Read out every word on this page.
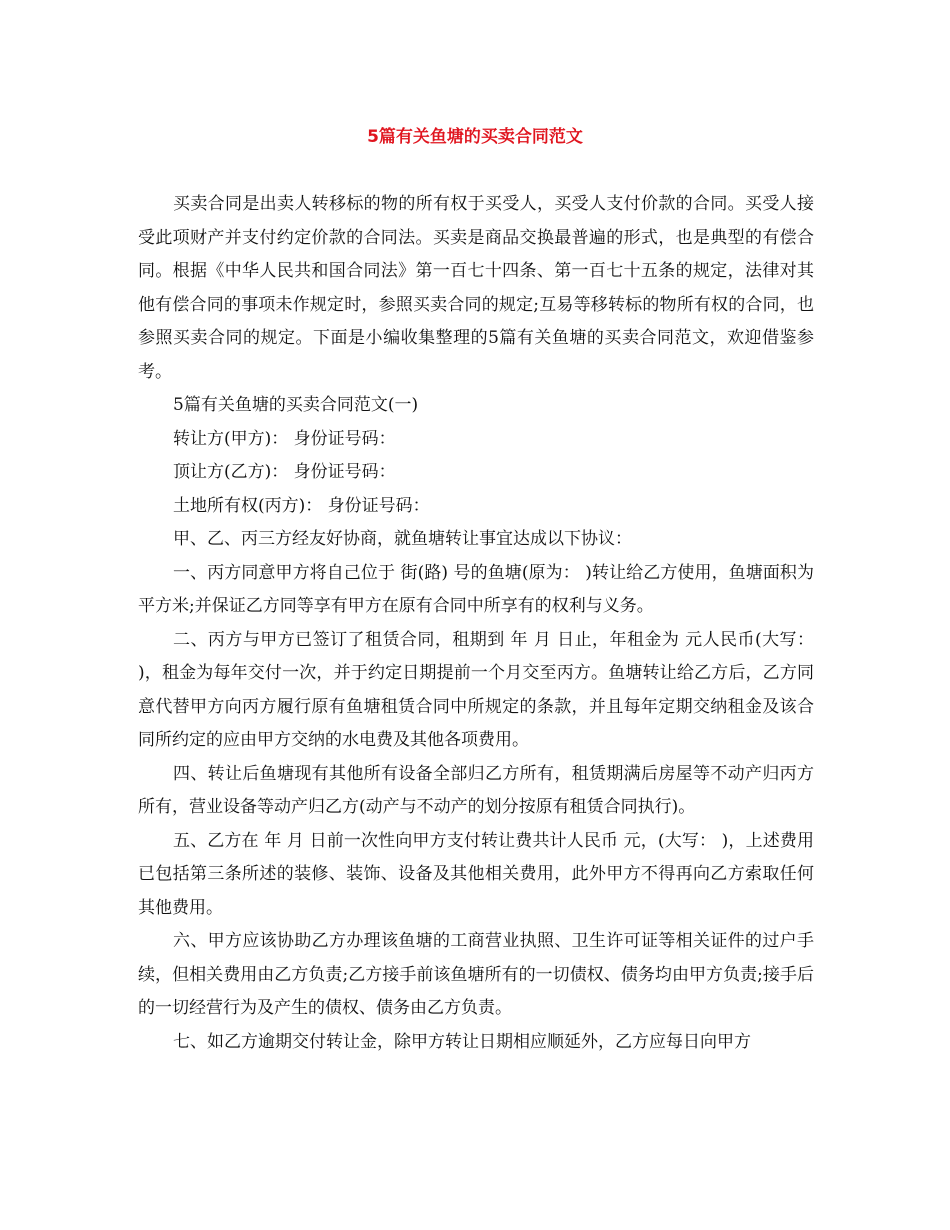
5篇有关鱼塘的买卖合同范文

买卖合同是出卖人转移标的物的所有权于买受人，买受人支付价款的合同。买受人接受此项财产并支付约定价款的合同法。买卖是商品交换最普遍的形式，也是典型的有偿合同。根据《中华人民共和国合同法》第一百七十四条、第一百七十五条的规定，法律对其他有偿合同的事项未作规定时，参照买卖合同的规定;互易等移转标的物所有权的合同，也参照买卖合同的规定。下面是小编收集整理的5篇有关鱼塘的买卖合同范文，欢迎借鉴参考。

5篇有关鱼塘的买卖合同范文(一)

转让方(甲方)： 身份证号码：

顶让方(乙方)： 身份证号码：

土地所有权(丙方)： 身份证号码：

甲、乙、丙三方经友好协商，就鱼塘转让事宜达成以下协议：

一、丙方同意甲方将自己位于 街(路) 号的鱼塘(原为： )转让给乙方使用，鱼塘面积为 平方米;并保证乙方同等享有甲方在原有合同中所享有的权利与义务。

二、丙方与甲方已签订了租赁合同，租期到 年 月 日止，年租金为 元人民币(大写： )，租金为每年交付一次，并于约定日期提前一个月交至丙方。鱼塘转让给乙方后，乙方同意代替甲方向丙方履行原有鱼塘租赁合同中所规定的条款，并且每年定期交纳租金及该合同所约定的应由甲方交纳的水电费及其他各项费用。

四、转让后鱼塘现有其他所有设备全部归乙方所有，租赁期满后房屋等不动产归丙方所有，营业设备等动产归乙方(动产与不动产的划分按原有租赁合同执行)。

五、乙方在 年 月 日前一次性向甲方支付转让费共计人民币 元，(大写： )，上述费用已包括第三条所述的装修、装饰、设备及其他相关费用，此外甲方不得再向乙方索取任何其他费用。

六、甲方应该协助乙方办理该鱼塘的工商营业执照、卫生许可证等相关证件的过户手续，但相关费用由乙方负责;乙方接手前该鱼塘所有的一切债权、债务均由甲方负责;接手后的一切经营行为及产生的债权、债务由乙方负责。

七、如乙方逾期交付转让金，除甲方转让日期相应顺延外，乙方应每日向甲方
